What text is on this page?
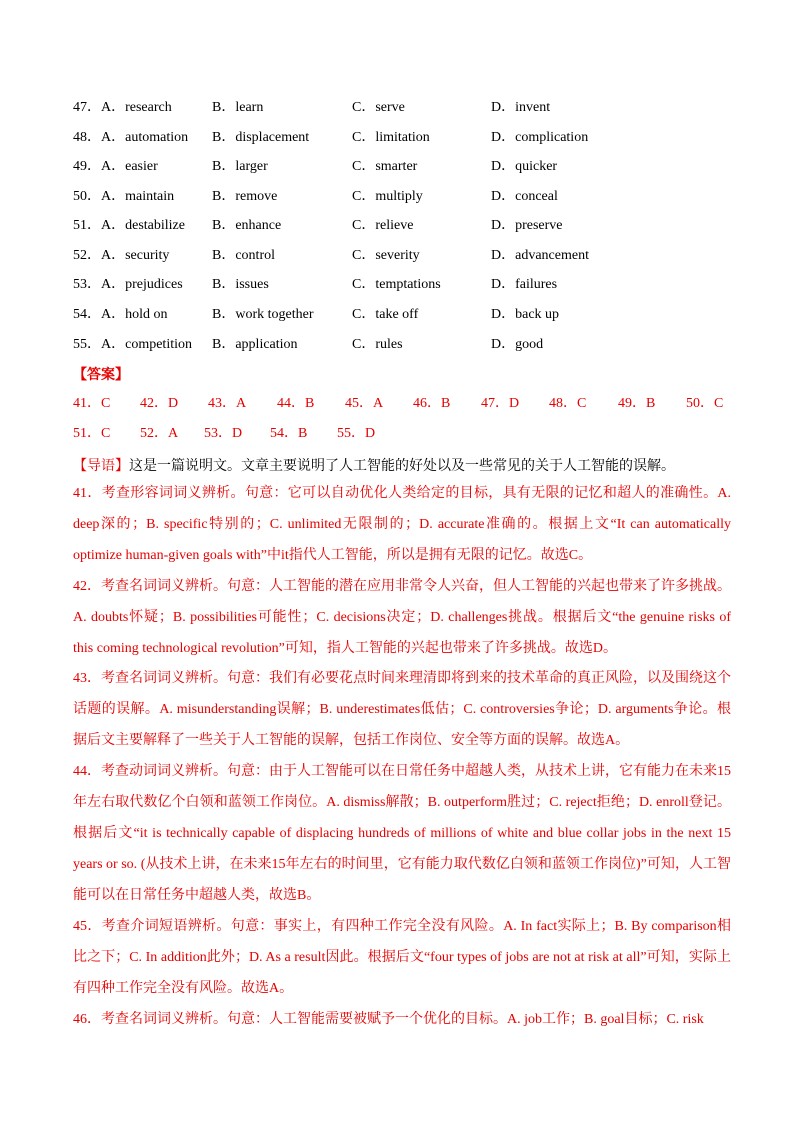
47．A．research	B．learn	C．serve	D．invent
48．A．automation B．displacement	C．limitation	D．complication
49．A．easier	B．larger	C．smarter	D．quicker
50．A．maintain	B．remove	C．multiply	D．conceal
51．A．destabilize B．enhance	C．relieve	D．preserve
52．A．security	B．control	C．severity	D．advancement
53．A．prejudices B．issues	C．temptations	D．failures
54．A．hold on	B．work together	C．take off	D．back up
55．A．competition B．application	C．rules	D．good
【答案】
41．C 42．D 43．A 44．B 45．A 46．B 47．D 48．C 49．B 50．C
51．C 52．A 53．D 54．B 55．D
【导语】这是一篇说明文。文章主要说明了人工智能的好处以及一些常见的关于人工智能的误解。
41．考查形容词词义辨析。句意：它可以自动优化人类给定的目标，具有无限的记忆和超人的准确性。A. deep深的；B. specific特别的；C. unlimited无限制的；D. accurate准确的。根据上文“It can automatically optimize human-given goals with”中it指代人工智能，所以是拥有无限的记忆。故选C。
42．考查名词词义辨析。句意：人工智能的潜在应用非常令人兴奋，但人工智能的兴起也带来了许多挑战。A. doubts怀疑；B. possibilities可能性；C. decisions决定；D. challenges挑战。根据后文“the genuine risks of this coming technological revolution”可知，指人工智能的兴起也带来了许多挑战。故选D。
43．考查名词词义辨析。句意：我们有必要花点时间来理清即将到来的技术革命的真正风险，以及围绕这个话题的误解。A. misunderstanding误解；B. underestimates低估；C. controversies争论；D. arguments争论。根据后文主要解释了一些关于人工智能的误解，包括工作岗位、安全等方面的误解。故选A。
44．考查动词词义辨析。句意：由于人工智能可以在日常任务中超越人类，从技术上讲，它有能力在未来15年左右取代数亿个白领和蓝领工作岗位。A. dismiss解散；B. outperform胜过；C. reject拒绝；D. enroll登记。根据后文“it is technically capable of displacing hundreds of millions of white and blue collar jobs in the next 15 years or so. (从技术上讲，在未来15年左右的时间里，它有能力取代数亿白领和蓝领工作岗位)”可知，人工智能可以在日常任务中超越人类，故选B。
45．考查介词短语辨析。句意：事实上，有四种工作完全没有风险。A. In fact实际上；B. By comparison相比之下；C. In addition此外；D. As a result因此。根据后文“four types of jobs are not at risk at all”可知，实际上有四种工作完全没有风险。故选A。
46．考查名词词义辨析。句意：人工智能需要被赋予一个优化的目标。A. job工作；B. goal目标；C. risk
